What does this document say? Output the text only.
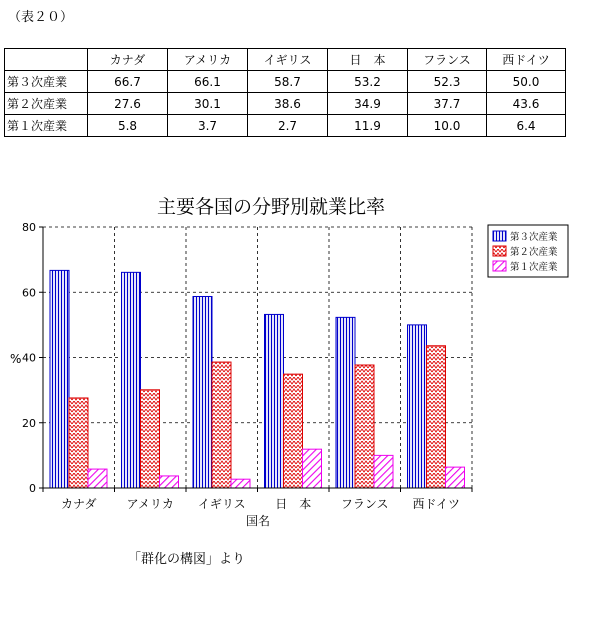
（表２０）
	カナダ	アメリカ	イギリス	日　本	フランス	西ドイツ
第３次産業	66.7	66.1	58.7	53.2	52.3	50.0
第２次産業	27.6	30.1	38.6	34.9	37.7	43.6
第１次産業	5.8	3.7	2.7	11.9	10.0	6.4
主要各国の分野別就業比率
0
20
40
60
80
カナダ	アメリカ イギリス 日　本 フランス 西ドイツ
%
国名
第３次産業
第２次産業
第１次産業
「群化の構図」より
